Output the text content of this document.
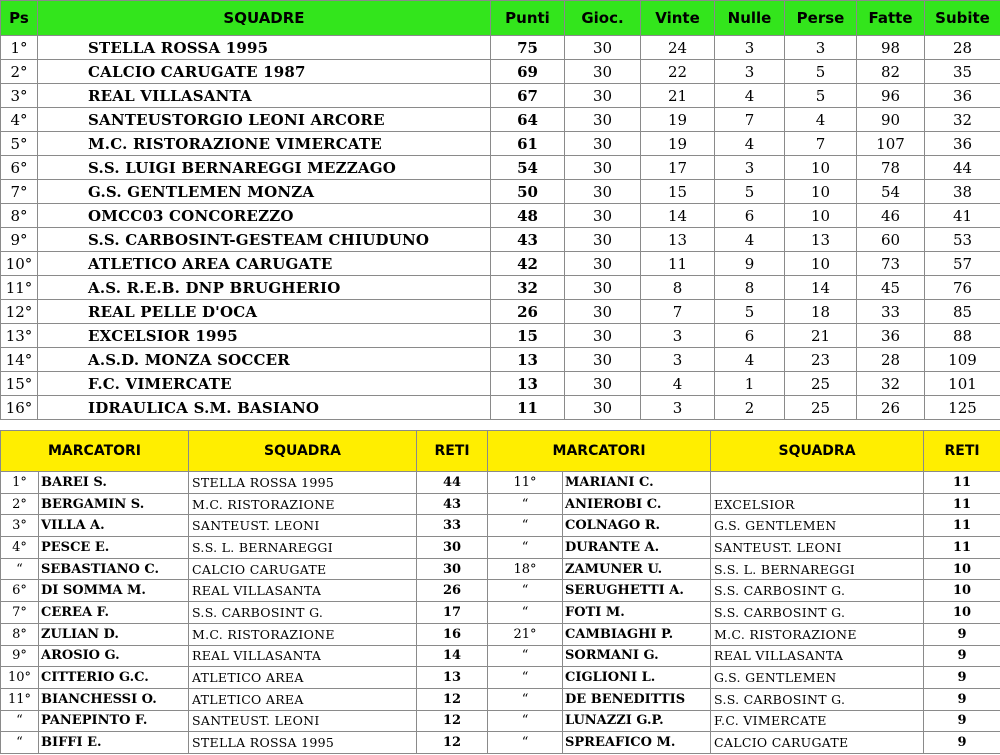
Ps	SQUADRE	Punti	Gioc.	Vinte	Nulle	Perse	Fatte	Subite
1°	STELLA ROSSA 1995	75	30	24	3	3	98	28
2°	CALCIO CARUGATE 1987	69	30	22	3	5	82	35
3°	REAL VILLASANTA	67	30	21	4	5	96	36
4°	SANTEUSTORGIO LEONI ARCORE	64	30	19	7	4	90	32
5°	M.C. RISTORAZIONE VIMERCATE	61	30	19	4	7	107	36
6°	S.S. LUIGI BERNAREGGI MEZZAGO	54	30	17	3	10	78	44
7°	G.S. GENTLEMEN MONZA	50	30	15	5	10	54	38
8°	OMCC03 CONCOREZZO	48	30	14	6	10	46	41
9°	S.S. CARBOSINT-GESTEAM CHIUDUNO	43	30	13	4	13	60	53
10°	ATLETICO AREA CARUGATE	42	30	11	9	10	73	57
11°	A.S. R.E.B. DNP BRUGHERIO	32	30	8	8	14	45	76
12°	REAL PELLE D'OCA	26	30	7	5	18	33	85
13°	EXCELSIOR 1995	15	30	3	6	21	36	88
14°	A.S.D. MONZA SOCCER	13	30	3	4	23	28	109
15°	F.C. VIMERCATE	13	30	4	1	25	32	101
16°	IDRAULICA S.M. BASIANO	11	30	3	2	25	26	125
MARCATORI		SQUADRA	RETI	MARCATORI		SQUADRA	RETI
1°	BAREI S.	STELLA ROSSA 1995	44	11°	MARIANI C.		11
2°	BERGAMIN S.	M.C. RISTORAZIONE	43	“	ANIEROBI C.	EXCELSIOR	11
3°	VILLA A.	SANTEUST. LEONI	33	“	COLNAGO R.	G.S. GENTLEMEN	11
4°	PESCE E.	S.S. L. BERNAREGGI	30	“	DURANTE A.	SANTEUST. LEONI	11
“	SEBASTIANO C.	CALCIO CARUGATE	30	18°	ZAMUNER U.	S.S. L. BERNAREGGI	10
6°	DI SOMMA M.	REAL VILLASANTA	26	“	SERUGHETTI A.	S.S. CARBOSINT G.	10
7°	CEREA F.	S.S. CARBOSINT G.	17	“	FOTI M.	S.S. CARBOSINT G.	10
8°	ZULIAN D.	M.C. RISTORAZIONE	16	21°	CAMBIAGHI P.	M.C. RISTORAZIONE	9
9°	AROSIO G.	REAL VILLASANTA	14	“	SORMANI G.	REAL VILLASANTA	9
10°	CITTERIO G.C.	ATLETICO AREA	13	“	CIGLIONI L.	G.S. GENTLEMEN	9
11°	BIANCHESSI O.	ATLETICO AREA	12	“	DE BENEDITTIS	S.S. CARBOSINT G.	9
“	PANEPINTO F.	SANTEUST. LEONI	12	“	LUNAZZI G.P.	F.C. VIMERCATE	9
“	BIFFI E.	STELLA ROSSA 1995	12	“	SPREAFICO M.	CALCIO CARUGATE	9
